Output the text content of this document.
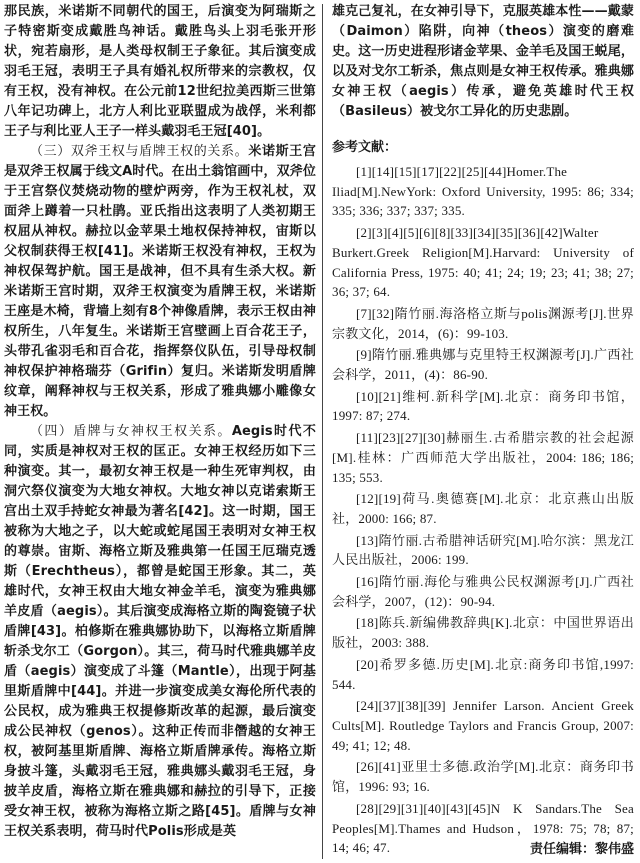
那民族，米诺斯不同朝代的国王，后演变为阿瑞斯之子特密斯变成戴胜鸟神话。戴胜鸟头上羽毛张开形状，宛若扇形，是人类母权制王子象征。其后演变成羽毛王冠，表明王子具有婚礼权所带来的宗教权，仅有王权，没有神权。在公元前12世纪拉美西斯三世第八年记功碑上，北方人利比亚联盟成为战俘，米利都王子与利比亚人王子一样头戴羽毛王冠[40]。

（三）双斧王权与盾牌王权的关系。米诺斯王宫是双斧王权属于线文A时代。在出土翁馆画中，双斧位于王宫祭仪焚烧动物的壁炉两旁，作为王权礼杖，双面斧上蹲着一只杜鹃。亚氏指出这表明了人类初期王权屈从神权。赫拉以金苹果土地权保持神权，宙斯以父权制获得王权[41]。米诺斯王权没有神权，王权为神权保驾护航。国王是战神，但不具有生杀大权。新米诺斯王宫时期，双斧王权演变为盾牌王权，米诺斯王座是木椅，背墙上刻有8个神像盾牌，表示王权由神权所生，八年复生。米诺斯王宫壁画上百合花王子，头带孔雀羽毛和百合花，指挥祭仪队伍，引导母权制神权保护神格瑞芬（Grifin）复归。米诺斯发明盾牌纹章，阐释神权与王权关系，形成了雅典娜小雕像女神王权。

（四）盾牌与女神权王权关系。Aegis时代不同，实质是神权对王权的匡正。女神王权经历如下三种演变。其一，最初女神王权是一种生死审判权，由洞穴祭仪演变为大地女神权。大地女神以克诺索斯王宫出土双手持蛇女神最为著名[42]。这一时期，国王被称为大地之子，以大蛇或蛇尾国王表明对女神王权的尊崇。宙斯、海格立斯及雅典第一任国王厄瑞克透斯（Erechtheus），都曾是蛇国王形象。其二，英雄时代，女神王权由大地女神金羊毛，演变为雅典娜羊皮盾（aegis）。其后演变成海格立斯的陶瓷镜子状盾牌[43]。柏修斯在雅典娜协助下，以海格立斯盾牌斩杀戈尔工（Gorgon）。其三，荷马时代雅典娜羊皮盾（aegis）演变成了斗篷（Mantle），出现于阿基里斯盾牌中[44]。并进一步演变成美女海伦所代表的公民权，成为雅典王权提修斯改革的起源，最后演变成公民神权（genos）。这种正传而非僭越的女神王权，被阿基里斯盾牌、海格立斯盾牌承传。海格立斯身披斗篷，头戴羽毛王冠，雅典娜头戴羽毛王冠，身披羊皮盾，海格立斯在雅典娜和赫拉的引导下，正接受女神王权，被称为海格立斯之路[45]。盾牌与女神王权关系表明，荷马时代Polis形成是英

雄克己复礼，在女神引导下，克服英雄本性——戴蒙（Daimon）陷阱，向神（theos）演变的磨难史。这一历史进程形诸金苹果、金羊毛及国王蜕尾，以及对戈尔工斩杀，焦点则是女神王权传承。雅典娜女神王权（aegis）传承，避免英雄时代王权（Basileus）被戈尔工异化的历史悲剧。

参考文献：

[1][14][15][17][22][25][44]Homer.The Iliad[M].NewYork: Oxford University, 1995: 86; 334; 335; 336; 337; 337; 335.

[2][3][4][5][6][8][33][34][35][36][42]Walter Burkert.Greek Religion[M].Harvard: University of California Press, 1975: 40; 41; 24; 19; 23; 41; 38; 27; 36; 37; 64.

[7][32]隋竹丽.海洛格立斯与polis渊源考[J].世界宗教文化，2014，(6)：99-103.

[9]隋竹丽.雅典娜与克里特王权渊源考[J].广西社会科学，2011，(4)：86-90.

[10][21]维柯.新科学[M].北京：商务印书馆，1997: 87; 274.

[11][23][27][30]赫丽生.古希腊宗教的社会起源[M].桂林：广西师范大学出版社，2004: 186; 186; 135; 553.

[12][19]荷马.奥德赛[M].北京：北京燕山出版社，2000: 166; 87.

[13]隋竹丽.古希腊神话研究[M].哈尔滨：黑龙江人民出版社，2006: 199.

[16]隋竹丽.海伦与雅典公民权渊源考[J].广西社会科学，2007，(12)：90-94.

[18]陈兵.新编佛教辞典[K].北京：中国世界语出版社，2003: 388.

[20]希罗多德.历史[M].北京:商务印书馆,1997: 544.

[24][37][38][39] Jennifer Larson. Ancient Greek Cults[M]. Routledge Taylors and Francis Group, 2007: 49; 41; 12; 48.

[26][41]亚里士多德.政治学[M].北京：商务印书馆，1996: 93; 16.

[28][29][31][40][43][45]N K Sandars.The Sea Peoples[M].Thames and Hudson，1978: 75; 78; 87; 14; 46; 47.	责任编辑：黎伟盛
